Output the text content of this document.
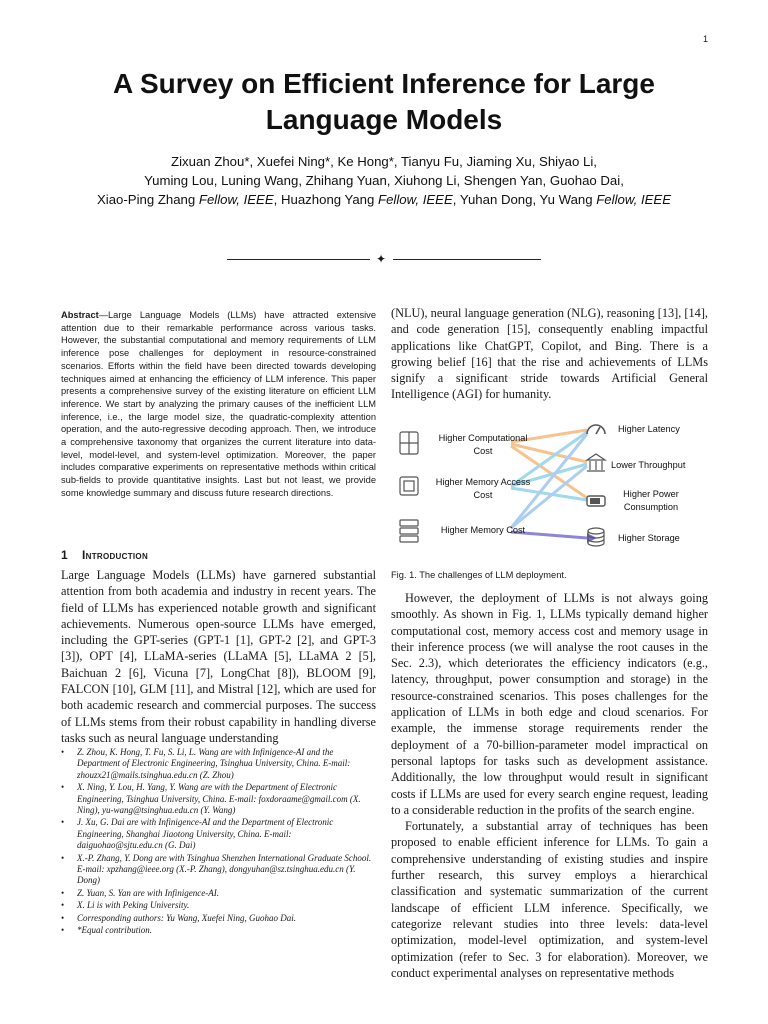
1
A Survey on Efficient Inference for Large
Language Models
Zixuan Zhou*, Xuefei Ning*, Ke Hong*, Tianyu Fu, Jiaming Xu, Shiyao Li,
Yuming Lou, Luning Wang, Zhihang Yuan, Xiuhong Li, Shengen Yan, Guohao Dai,
Xiao-Ping Zhang Fellow, IEEE, Huazhong Yang Fellow, IEEE, Yuhan Dong, Yu Wang Fellow, IEEE
✦
Abstract—Large Language Models (LLMs) have attracted extensive attention due to their remarkable performance across various tasks. However, the substantial computational and memory requirements of LLM inference pose challenges for deployment in resource-constrained scenarios. Efforts within the field have been directed towards developing techniques aimed at enhancing the efficiency of LLM inference. This paper presents a comprehensive survey of the existing literature on efficient LLM inference. We start by analyzing the primary causes of the inefficient LLM inference, i.e., the large model size, the quadratic-complexity attention operation, and the auto-regressive decoding approach. Then, we introduce a comprehensive taxonomy that organizes the current literature into data-level, model-level, and system-level optimization. Moreover, the paper includes comparative experiments on representative methods within critical sub-fields to provide quantitative insights. Last but not least, we provide some knowledge summary and discuss future research directions.
1 Introduction
Large Language Models (LLMs) have garnered substantial attention from both academia and industry in recent years. The field of LLMs has experienced notable growth and significant achievements. Numerous open-source LLMs have emerged, including the GPT-series (GPT-1 [1], GPT-2 [2], and GPT-3 [3]), OPT [4], LLaMA-series (LLaMA [5], LLaMA 2 [5], Baichuan 2 [6], Vicuna [7], LongChat [8]), BLOOM [9], FALCON [10], GLM [11], and Mistral [12], which are used for both academic research and commercial purposes. The success of LLMs stems from their robust capability in handling diverse tasks such as neural language understanding
• Z. Zhou, K. Hong, T. Fu, S. Li, L. Wang are with Infinigence-AI and the Department of Electronic Engineering, Tsinghua University, China. E-mail: zhouzx21@mails.tsinghua.edu.cn (Z. Zhou)
• X. Ning, Y. Lou, H. Yang, Y. Wang are with the Department of Electronic Engineering, Tsinghua University, China. E-mail: foxdoraame@gmail.com (X. Ning), yu-wang@tsinghua.edu.cn (Y. Wang)
• J. Xu, G. Dai are with Infinigence-AI and the Department of Electronic Engineering, Shanghai Jiaotong University, China. E-mail: daiguohao@sjtu.edu.cn (G. Dai)
• X.-P. Zhang, Y. Dong are with Tsinghua Shenzhen International Graduate School. E-mail: xpzhang@ieee.org (X.-P. Zhang), dongyuhan@sz.tsinghua.edu.cn (Y. Dong)
• Z. Yuan, S. Yan are with Infinigence-AI.
• X. Li is with Peking University.
• Corresponding authors: Yu Wang, Xuefei Ning, Guohao Dai.
• *Equal contribution.
(NLU), neural language generation (NLG), reasoning [13], [14], and code generation [15], consequently enabling impactful applications like ChatGPT, Copilot, and Bing. There is a growing belief [16] that the rise and achievements of LLMs signify a significant stride towards Artificial General Intelligence (AGI) for humanity.
Higher Computational
Cost
Higher Memory Access
Cost
Higher Memory Cost
Higher Latency
Lower Throughput
Higher Power
Consumption
Higher Storage
Fig. 1. The challenges of LLM deployment.

However, the deployment of LLMs is not always going smoothly. As shown in Fig. 1, LLMs typically demand higher computational cost, memory access cost and memory usage in their inference process (we will analyse the root causes in the Sec. 2.3), which deteriorates the efficiency indicators (e.g., latency, throughput, power consumption and storage) in the resource-constrained scenarios. This poses challenges for the application of LLMs in both edge and cloud scenarios. For example, the immense storage requirements render the deployment of a 70-billion-parameter model impractical on personal laptops for tasks such as development assistance. Additionally, the low throughput would result in significant costs if LLMs are used for every search engine request, leading to a considerable reduction in the profits of the search engine.

Fortunately, a substantial array of techniques has been proposed to enable efficient inference for LLMs. To gain a comprehensive understanding of existing studies and inspire further research, this survey employs a hierarchical classification and systematic summarization of the current landscape of efficient LLM inference. Specifically, we categorize relevant studies into three levels: data-level optimization, model-level optimization, and system-level optimization (refer to Sec. 3 for elaboration). Moreover, we conduct experimental analyses on representative methods
